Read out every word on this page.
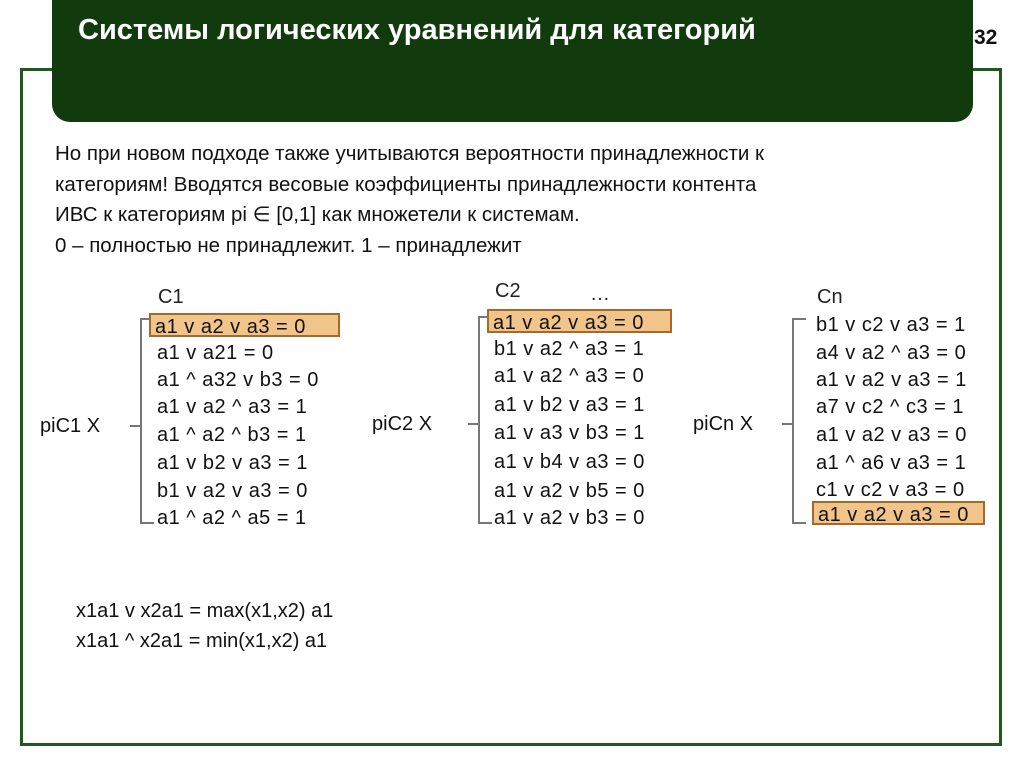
Системы логических уравнений для категорий	32
Но при новом подходе также учитываются вероятности принадлежности к
категориям! Вводятся весовые коэффициенты принадлежности контента
ИВС к категориям pi ∈ [0,1] как множетели к системам.
0 – полностью не принадлежит. 1 – принадлежит
piC1 X
C1
a1 v a2 v a3 = 0
a1 v a21 = 0
a1 ^ a32 v b3 = 0
a1 v a2 ^ a3 = 1
a1 ^ a2 ^ b3 = 1
a1 v b2 v a3 = 1
b1 v a2 v a3 = 0
a1 ^ a2 ^ a5 = 1
piC2 X
C2	…
a1 v a2 v a3 = 0
b1 v a2 ^ a3 = 1
a1 v a2 ^ a3 = 0
a1 v b2 v a3 = 1
a1 v a3 v b3 = 1
a1 v b4 v a3 = 0
a1 v a2 v b5 = 0
a1 v a2 v b3 = 0
piCn X
Cn
b1 v c2 v a3 = 1
a4 v a2 ^ a3 = 0
a1 v a2 v a3 = 1
a7 v c2 ^ c3 = 1
a1 v a2 v a3 = 0
a1 ^ a6 v a3 = 1
c1 v c2 v a3 = 0
a1 v a2 v a3 = 0
x1a1 v x2a1 = max(x1,x2) a1
x1a1 ^ x2a1 = min(x1,x2) a1
